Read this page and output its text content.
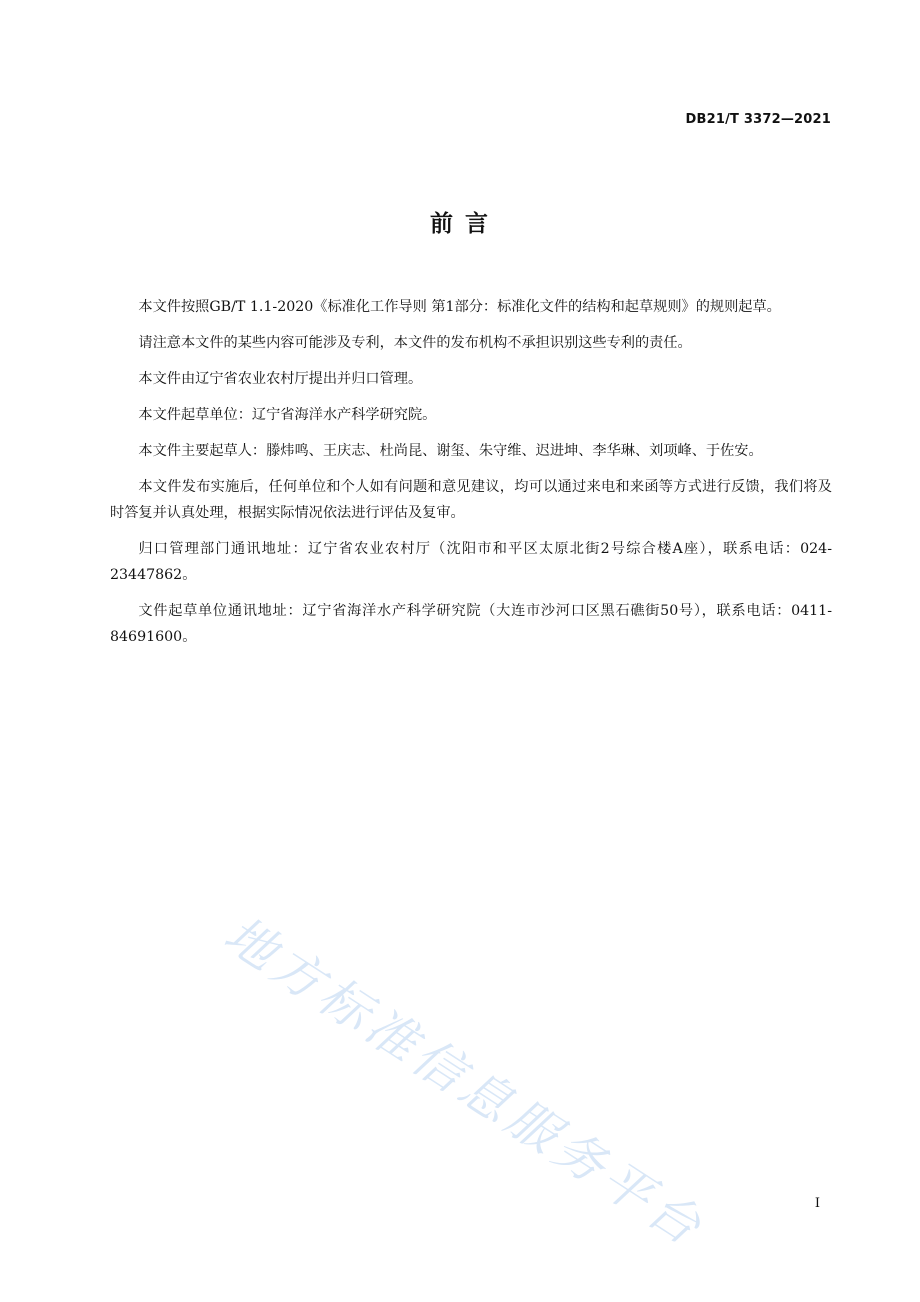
DB21/T 3372—2021
前 言

本文件按照GB/T 1.1-2020《标准化工作导则 第1部分：标准化文件的结构和起草规则》的规则起草。

请注意本文件的某些内容可能涉及专利，本文件的发布机构不承担识别这些专利的责任。

本文件由辽宁省农业农村厅提出并归口管理。

本文件起草单位：辽宁省海洋水产科学研究院。

本文件主要起草人：滕炜鸣、王庆志、杜尚昆、谢玺、朱守维、迟进坤、李华琳、刘项峰、于佐安。

本文件发布实施后，任何单位和个人如有问题和意见建议，均可以通过来电和来函等方式进行反馈，我们将及时答复并认真处理，根据实际情况依法进行评估及复审。

归口管理部门通讯地址：辽宁省农业农村厅（沈阳市和平区太原北街2号综合楼A座），联系电话：024-23447862。

文件起草单位通讯地址：辽宁省海洋水产科学研究院（大连市沙河口区黑石礁街50号），联系电话：0411-84691600。

地方标准信息服务平台	I
